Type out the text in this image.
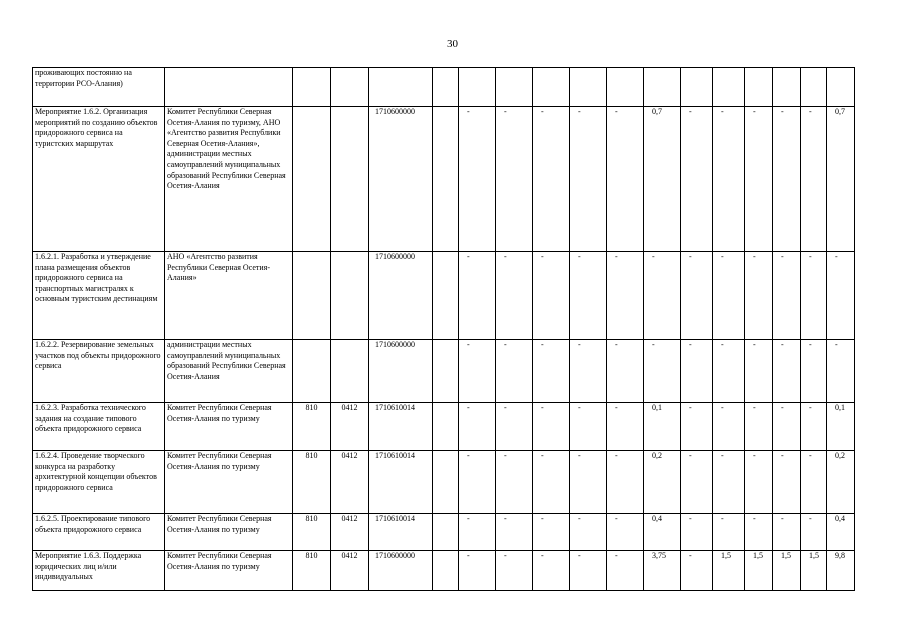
30
проживающих постоянно на территории РСО-Алания)																	
Мероприятие 1.6.2. Организация мероприятий по созданию объектов придорожного сервиса на туристских маршрутах	Комитет Республики Северная Осетия-Алания по туризму, АНО «Агентство развития Республики Северная Осетия-Алания», администрации местных самоуправлений муниципальных образований Республики Северная Осетия-Алания			1710600000		-	-	-	-	-	0,7	-	-	-	-	-	0,7
1.6.2.1. Разработка и утверждение плана размещения объектов придорожного сервиса на транспортных магистралях к основным туристским дестинациям	АНО «Агентство развития Республики Северная Осетия-Алания»			1710600000		-	-	-	-	-	-	-	-	-	-	-	-
1.6.2.2. Резервирование земельных участков под объекты придорожного сервиса	администрации местных самоуправлений муниципальных образований Республики Северная Осетия-Алания			1710600000		-	-	-	-	-	-	-	-	-	-	-	-
1.6.2.3. Разработка технического задания на создание типового объекта придорожного сервиса	Комитет Республики Северная Осетия-Алания по туризму	810	0412	1710610014		-	-	-	-	-	0,1	-	-	-	-	-	0,1
1.6.2.4. Проведение творческого конкурса на разработку архитектурной концепции объектов придорожного сервиса	Комитет Республики Северная Осетия-Алания по туризму	810	0412	1710610014		-	-	-	-	-	0,2	-	-	-	-	-	0,2
1.6.2.5. Проектирование типового объекта придорожного сервиса	Комитет Республики Северная Осетия-Алания по туризму	810	0412	1710610014		-	-	-	-	-	0,4	-	-	-	-	-	0,4
Мероприятие 1.6.3. Поддержка юридических лиц и/или индивидуальных	Комитет Республики Северная Осетия-Алания по туризму	810	0412	1710600000		-	-	-	-	-	3,75	-	1,5	1,5	1,5	1,5	9,8
